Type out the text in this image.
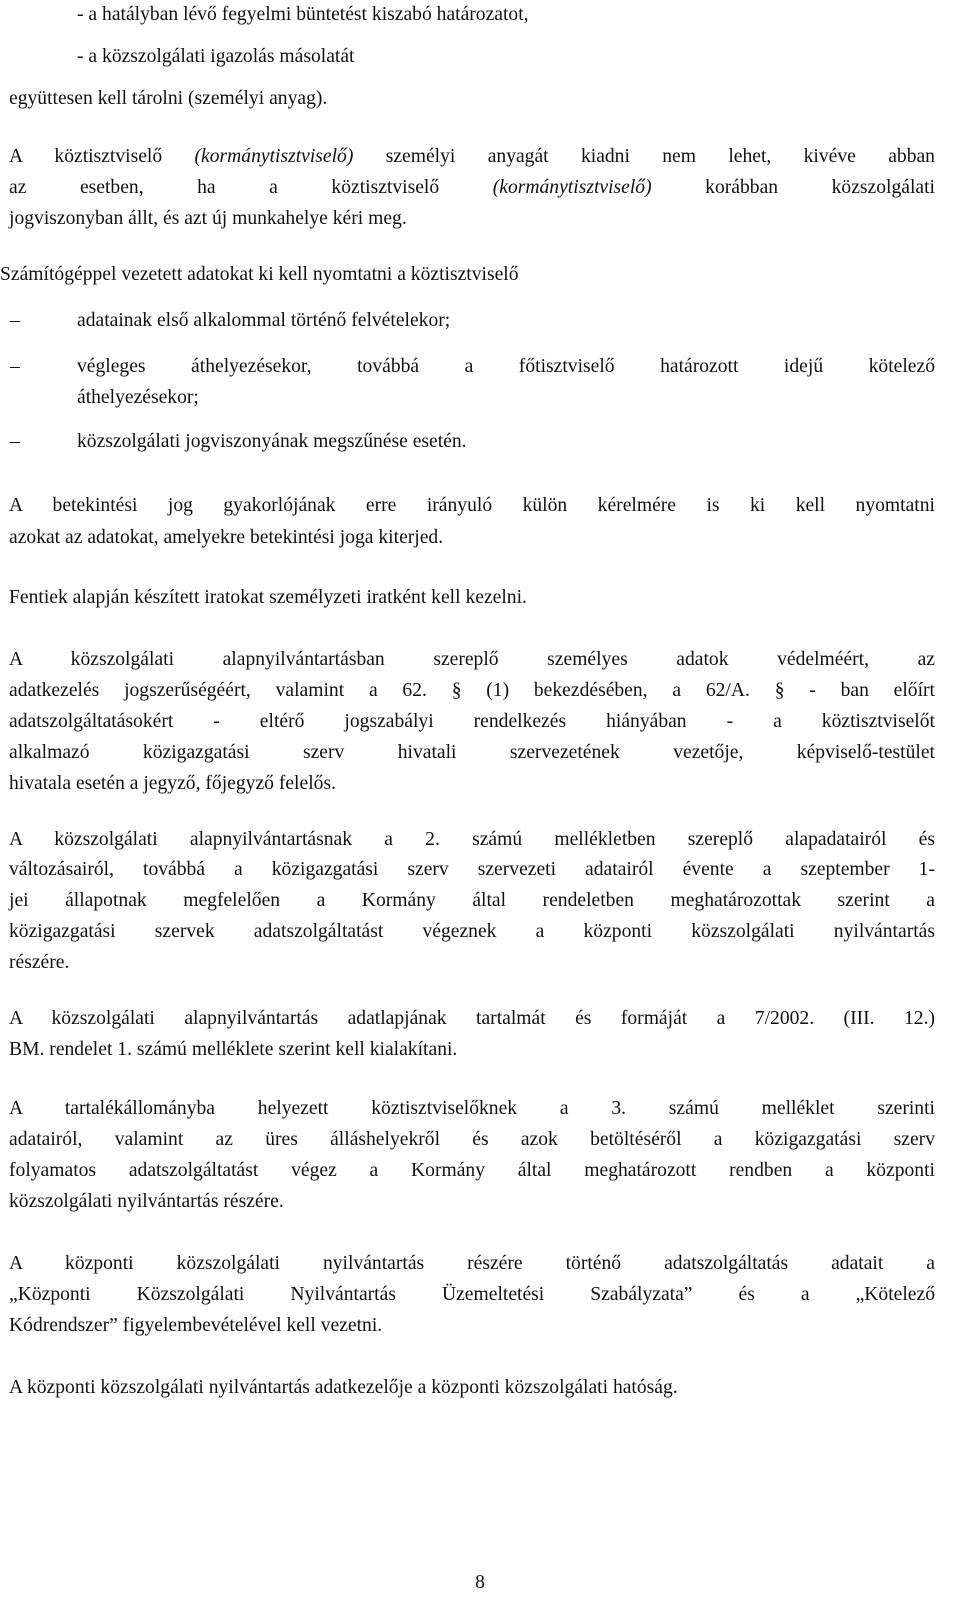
- a hatályban lévő fegyelmi büntetést kiszabó határozatot,
- a közszolgálati igazolás másolatát
együttesen kell tárolni (személyi anyag).
A köztisztviselő (kormánytisztviselő) személyi anyagát kiadni nem lehet, kivéve abban
az esetben, ha a köztisztviselő (kormánytisztviselő) korábban közszolgálati
jogviszonyban állt, és azt új munkahelye kéri meg.
Számítógéppel vezetett adatokat ki kell nyomtatni a köztisztviselő
–	adatainak első alkalommal történő felvételekor;
–	végleges áthelyezésekor, továbbá a főtisztviselő határozott idejű kötelező
áthelyezésekor;
–	közszolgálati jogviszonyának megszűnése esetén.
A betekintési jog gyakorlójának erre irányuló külön kérelmére is ki kell nyomtatni
azokat az adatokat, amelyekre betekintési joga kiterjed.
Fentiek alapján készített iratokat személyzeti iratként kell kezelni.
A közszolgálati alapnyilvántartásban szereplő személyes adatok védelméért, az
adatkezelés jogszerűségéért, valamint a 62. § (1) bekezdésében, a 62/A. § - ban előírt
adatszolgáltatásokért - eltérő jogszabályi rendelkezés hiányában - a köztisztviselőt
alkalmazó közigazgatási szerv hivatali szervezetének vezetője, képviselő-testület
hivatala esetén a jegyző, főjegyző felelős.
A közszolgálati alapnyilvántartásnak a 2. számú mellékletben szereplő alapadatairól és
változásairól, továbbá a közigazgatási szerv szervezeti adatairól évente a szeptember 1-
jei állapotnak megfelelően a Kormány által rendeletben meghatározottak szerint a
közigazgatási szervek adatszolgáltatást végeznek a központi közszolgálati nyilvántartás
részére.
A közszolgálati alapnyilvántartás adatlapjának tartalmát és formáját a 7/2002. (III. 12.)
BM. rendelet 1. számú melléklete szerint kell kialakítani.
A tartalékállományba helyezett köztisztviselőknek a 3. számú melléklet szerinti
adatairól, valamint az üres álláshelyekről és azok betöltéséről a közigazgatási szerv
folyamatos adatszolgáltatást végez a Kormány által meghatározott rendben a központi
közszolgálati nyilvántartás részére.
A központi közszolgálati nyilvántartás részére történő adatszolgáltatás adatait a
„Központi Közszolgálati Nyilvántartás Üzemeltetési Szabályzata” és a „Kötelező
Kódrendszer” figyelembevételével kell vezetni.
A központi közszolgálati nyilvántartás adatkezelője a központi közszolgálati hatóság.
8
